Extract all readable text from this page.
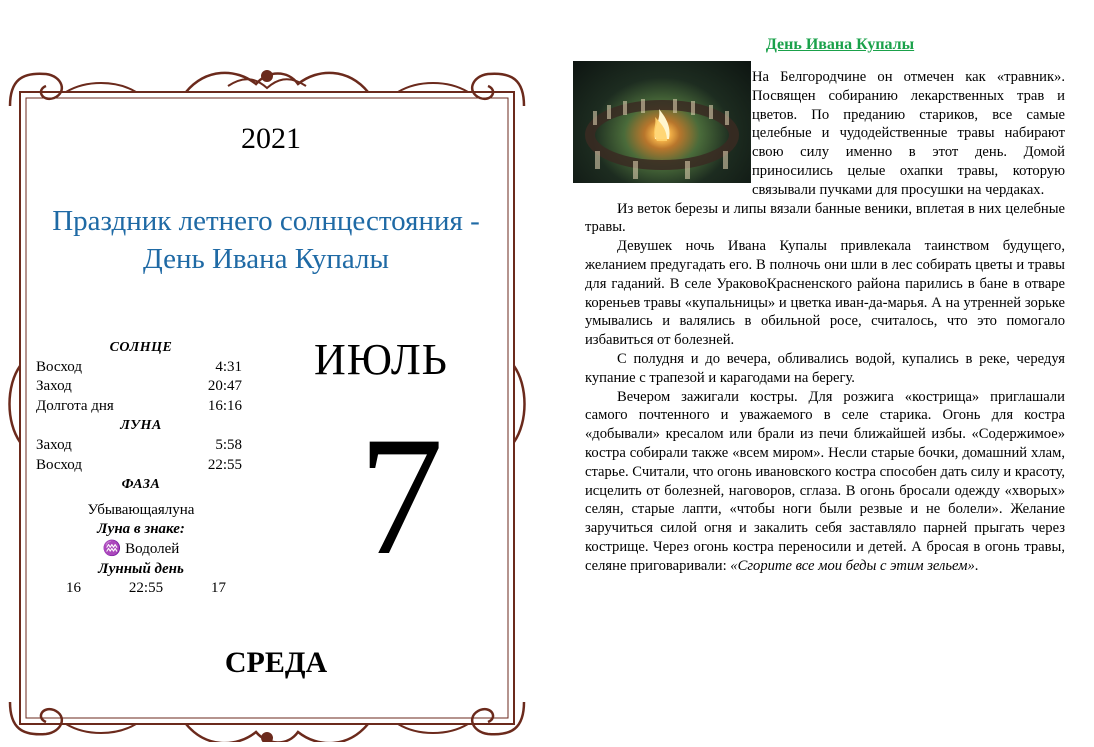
2021
Праздник летнего солнцестояния -
День Ивана Купалы
СОЛНЦЕ
Восход	4:31
Заход	20:47
Долгота дня	16:16
ЛУНА
Заход	5:58
Восход	22:55
ФАЗА
Убывающаялуна
Луна в знаке:
♒ Водолей
Лунный день
16	22:55	17
ИЮЛЬ
7
СРЕДА
День Ивана Купалы

На Белгородчине он отмечен как «травник». Посвящен собиранию лекарственных трав и цветов. По преданию стариков, все самые целебные и чудодейственные травы набирают свою силу именно в этот день. Домой приносились целые охапки травы, которую связывали пучками для просушки на чердаках.

Из веток березы и липы вязали банные веники, вплетая в них целебные травы.

Девушек ночь Ивана Купалы привлекала таинством будущего, желанием предугадать его. В полночь они шли в лес собирать цветы и травы для гаданий. В селе УраковоКрасненского района парились в бане в отваре кореньев травы «купальницы» и цветка иван-да-марья. А на утренней зорьке умывались и валялись в обильной росе, считалось, что это помогало избавиться от болезней.

С полудня и до вечера, обливались водой, купались в реке, чередуя купание с трапезой и карагодами на берегу.

Вечером зажигали костры. Для розжига «кострища» приглашали самого почтенного и уважаемого в селе старика. Огонь для костра «добывали» кресалом или брали из печи ближайшей избы. «Содержимое» костра собирали также «всем миром». Несли старые бочки, домашний хлам, старье. Считали, что огонь ивановского костра способен дать силу и красоту, исцелить от болезней, наговоров, сглаза. В огонь бросали одежду «хворых» селян, старые лапти, «чтобы ноги были резвые и не болели». Желание заручиться силой огня и закалить себя заставляло парней прыгать через кострище. Через огонь костра переносили и детей. А бросая в огонь травы, селяне приговаривали: «Сгорите все мои беды с этим зельем».
